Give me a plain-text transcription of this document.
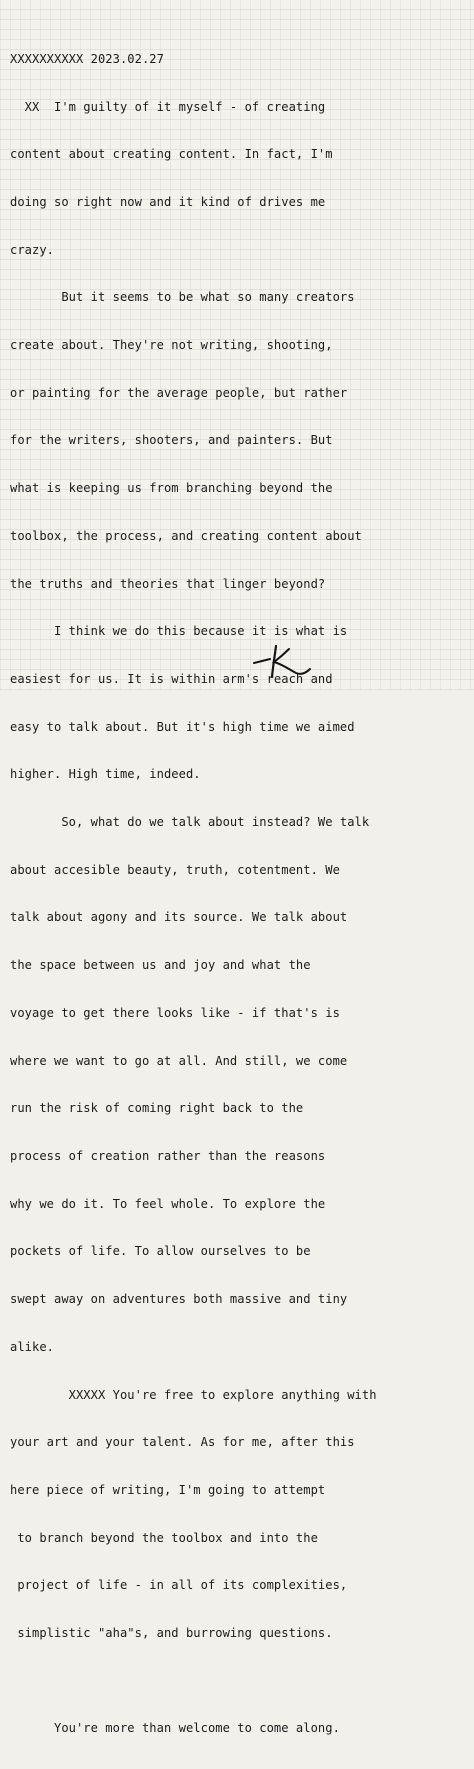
XXXXXXXXXX 2023.02.27

XX  I'm guilty of it myself - of creating

content about creating content. In fact, I'm

doing so right now and it kind of drives me

crazy.

But it seems to be what so many creators

create about. They're not writing, shooting,

or painting for the average people, but rather

for the writers, shooters, and painters. But

what is keeping us from branching beyond the

toolbox, the process, and creating content about

the truths and theories that linger beyond?

I think we do this because it is what is

easiest for us. It is within arm's reach and

easy to talk about. But it's high time we aimed

higher. High time, indeed.

So, what do we talk about instead? We talk

about accesible beauty, truth, cotentment. We

talk about agony and its source. We talk about

the space between us and joy and what the

voyage to get there looks like - if that's is

where we want to go at all. And still, we come

run the risk of coming right back to the

process of creation rather than the reasons

why we do it. To feel whole. To explore the

pockets of life. To allow ourselves to be

swept away on adventures both massive and tiny

alike.

XXXXX You're free to explore anything with

your art and your talent. As for me, after this

here piece of writing, I'm going to attempt

to branch beyond the toolbox and into the

project of life - in all of its complexities,

simplistic "aha"s, and burrowing questions.

You're more than welcome to come along.
